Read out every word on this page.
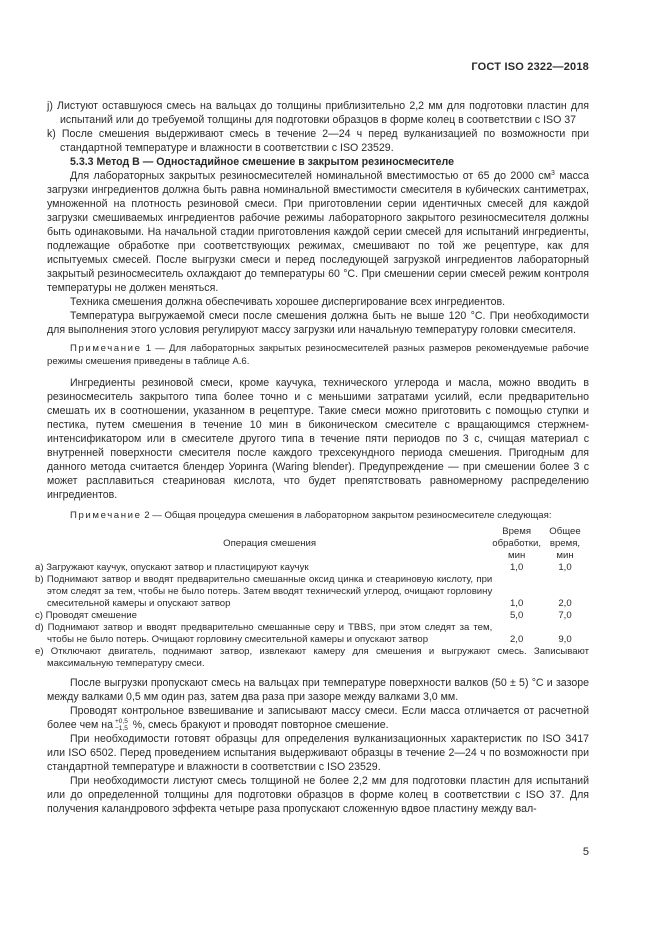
ГОСТ ISO 2322—2018

j) Листуют оставшуюся смесь на вальцах до толщины приблизительно 2,2 мм для подготовки пластин для испытаний или до требуемой толщины для подготовки образцов в форме колец в соответствии с ISO 37

k) После смешения выдерживают смесь в течение 2—24 ч перед вулканизацией по возможности при стандартной температуре и влажности в соответствии с ISO 23529.

5.3.3 Метод В — Одностадийное смешение в закрытом резиносмесителе

Для лабораторных закрытых резиносмесителей номинальной вместимостью от 65 до 2000 $см^3$ масса загрузки ингредиентов должна быть равна номинальной вместимости смесителя в кубических сантиметрах, умноженной на плотность резиновой смеси. При приготовлении серии идентичных смесей для каждой загрузки смешиваемых ингредиентов рабочие режимы лабораторного закрытого резиносмесителя должны быть одинаковыми. На начальной стадии приготовления каждой серии смесей для испытаний ингредиенты, подлежащие обработке при соответствующих режимах, смешивают по той же рецептуре, как для испытуемых смесей. После выгрузки смеси и перед последующей загрузкой ингредиентов лабораторный закрытый резиносмеситель охлаждают до температуры 60 °С. При смешении серии смесей режим контроля температуры не должен меняться.

Техника смешения должна обеспечивать хорошее диспергирование всех ингредиентов.

Температура выгружаемой смеси после смешения должна быть не выше 120 °С. При необходимости для выполнения этого условия регулируют массу загрузки или начальную температуру головки смесителя.

Примечание 1 — Для лабораторных закрытых резиносмесителей разных размеров рекомендуемые рабочие режимы смешения приведены в таблице А.6.

Ингредиенты резиновой смеси, кроме каучука, технического углерода и масла, можно вводить в резиносмеситель закрытого типа более точно и с меньшими затратами усилий, если предварительно смешать их в соотношении, указанном в рецептуре. Такие смеси можно приготовить с помощью ступки и пестика, путем смешения в течение 10 мин в биконическом смесителе с вращающимся стержнем-интенсификатором или в смесителе другого типа в течение пяти периодов по 3 с, счищая материал с внутренней поверхности смесителя после каждого трехсекундного периода смешения. Пригодным для данного метода считается блендер Уоринга (Waring blender). Предупреждение — при смешении более 3 с может расплавиться стеариновая кислота, что будет препятствовать равномерному распределению ингредиентов.

Примечание 2 — Общая процедура смешения в лабораторном закрытом резиносмесителе следующая:

Операция смешения	Время обработки, мин	Общее время, мин
а) Загружают каучук, опускают затвор и пластицируют каучук	1,0	1,0
b) Поднимают затвор и вводят предварительно смешанные оксид цинка и стеариновую кислоту, при этом следят за тем, чтобы не было потерь. Затем вводят технический углерод, очищают горловину смесительной камеры и опускают затвор	1,0	2,0
c) Проводят смешение	5,0	7,0
d) Поднимают затвор и вводят предварительно смешанные серу и TBBS, при этом следят за тем, чтобы не было потерь. Очищают горловину смесительной камеры и опускают затвор	2,0	9,0
е) Отключают двигатель, поднимают затвор, извлекают камеру для смешения и выгружают смесь. Записывают максимальную температуру смеси.		

После выгрузки пропускают смесь на вальцах при температуре поверхности валков (50 ± 5) °С и зазоре между валками 0,5 мм один раз, затем два раза при зазоре между валками 3,0 мм.

Проводят контрольное взвешивание и записывают массу смеси. Если масса отличается от расчетной более чем на +0,5
−1,5 %, смесь бракуют и проводят повторное смешение.

При необходимости готовят образцы для определения вулканизационных характеристик по ISO 3417 или ISO 6502. Перед проведением испытания выдерживают образцы в течение 2—24 ч по возможности при стандартной температуре и влажности в соответствии с ISO 23529.

При необходимости листуют смесь толщиной не более 2,2 мм для подготовки пластин для испытаний или до определенной толщины для подготовки образцов в форме колец в соответствии с ISO 37. Для получения каландрового эффекта четыре раза пропускают сложенную вдвое пластину между вал-

5
